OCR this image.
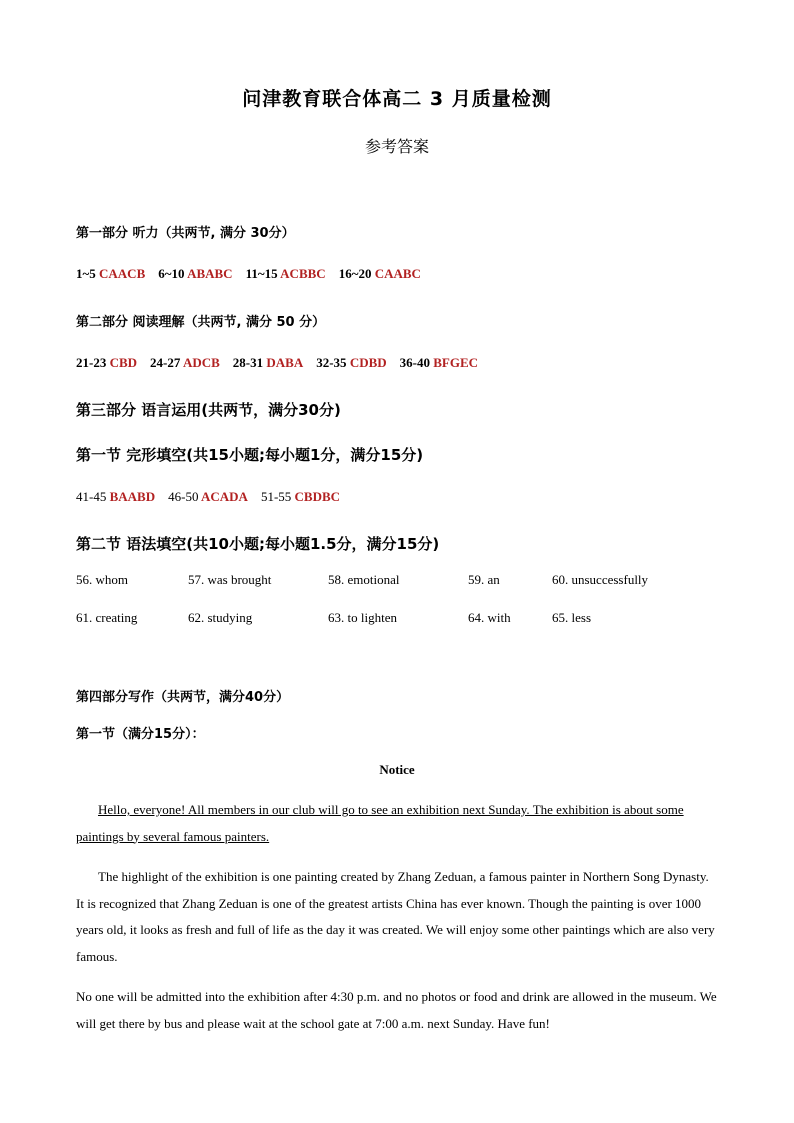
问津教育联合体高二 3 月质量检测
参考答案
第一部分 听力（共两节, 满分 30分）
1~5 CAACB 6~10 ABABC 11~15 ACBBC 16~20 CAABC
第二部分 阅读理解（共两节, 满分 50 分）
21-23 CBD 24-27 ADCB 28-31 DABA 32-35 CDBD 36-40 BFGEC
第三部分 语言运用(共两节，满分30分)
第一节 完形填空(共15小题;每小题1分，满分15分)
41-45 BAABD 46-50 ACADA 51-55 CBDBC
第二节 语法填空(共10小题;每小题1.5分，满分15分)
56. whom	57. was brought	58. emotional	59. an	60. unsuccessfully
61. creating	62. studying	63. to lighten	64. with	65. less
第四部分写作（共两节，满分40分）
第一节（满分15分）：
Notice
Hello, everyone! All members in our club will go to see an exhibition next Sunday. The exhibition is about some paintings by several famous painters.
The highlight of the exhibition is one painting created by Zhang Zeduan, a famous painter in Northern Song Dynasty. It is recognized that Zhang Zeduan is one of the greatest artists China has ever known. Though the painting is over 1000 years old, it looks as fresh and full of life as the day it was created. We will enjoy some other paintings which are also very famous.
No one will be admitted into the exhibition after 4:30 p.m. and no photos or food and drink are allowed in the museum. We will get there by bus and please wait at the school gate at 7:00 a.m. next Sunday. Have fun!
